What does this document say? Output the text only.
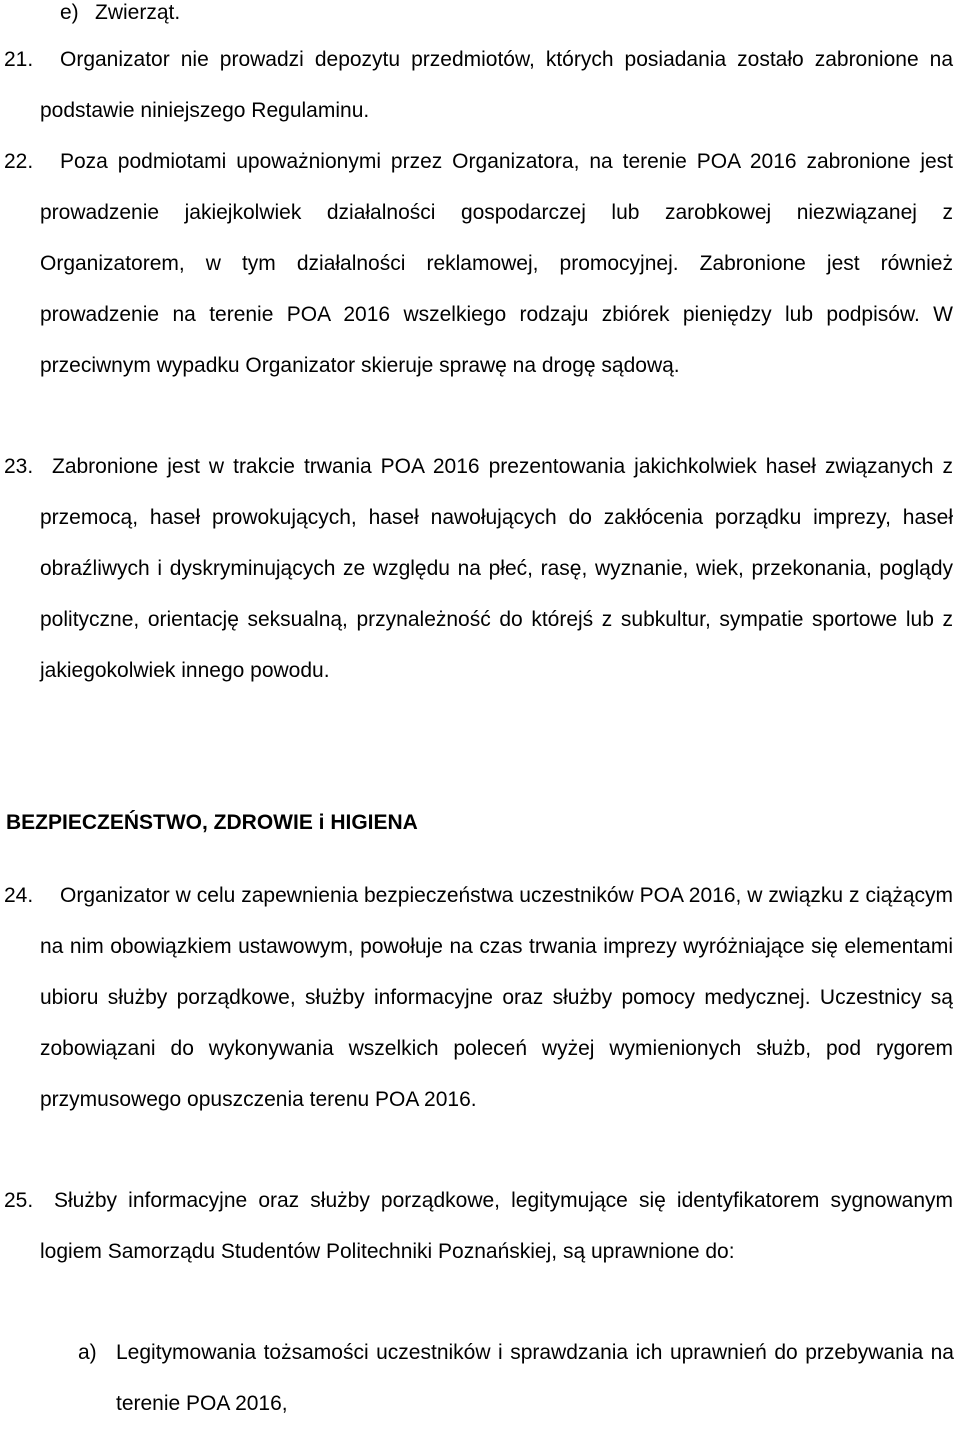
e) Zwierząt.

21.	Organizator nie prowadzi depozytu przedmiotów, których posiadania zostało zabronione na podstawie niniejszego Regulaminu.

22.	Poza podmiotami upoważnionymi przez Organizatora, na terenie POA 2016 zabronione jest prowadzenie jakiejkolwiek działalności gospodarczej lub zarobkowej niezwiązanej z Organizatorem, w tym działalności reklamowej, promocyjnej. Zabronione jest również prowadzenie na terenie POA 2016 wszelkiego rodzaju zbiórek pieniędzy lub podpisów. W przeciwnym wypadku Organizator skieruje sprawę na drogę sądową.

23. Zabronione jest w trakcie trwania POA 2016 prezentowania jakichkolwiek haseł związanych z przemocą, haseł prowokujących, haseł nawołujących do zakłócenia porządku imprezy, haseł obraźliwych i dyskryminujących ze względu na płeć, rasę, wyznanie, wiek, przekonania, poglądy polityczne, orientację seksualną, przynależność do którejś z subkultur, sympatie sportowe lub z jakiegokolwiek innego powodu.

BEZPIECZEŃSTWO, ZDROWIE i HIGIENA
24.	Organizator w celu zapewnienia bezpieczeństwa uczestników POA 2016, w związku z ciążącym na nim obowiązkiem ustawowym, powołuje na czas trwania imprezy wyróżniające się elementami ubioru służby porządkowe, służby informacyjne oraz służby pomocy medycznej. Uczestnicy są zobowiązani do wykonywania wszelkich poleceń wyżej wymienionych służb, pod rygorem przymusowego opuszczenia terenu POA 2016.

25. Służby informacyjne oraz służby porządkowe, legitymujące się identyfikatorem sygnowanym logiem Samorządu Studentów Politechniki Poznańskiej, są uprawnione do:

a) Legitymowania tożsamości uczestników i sprawdzania ich uprawnień do przebywania na terenie POA 2016,
